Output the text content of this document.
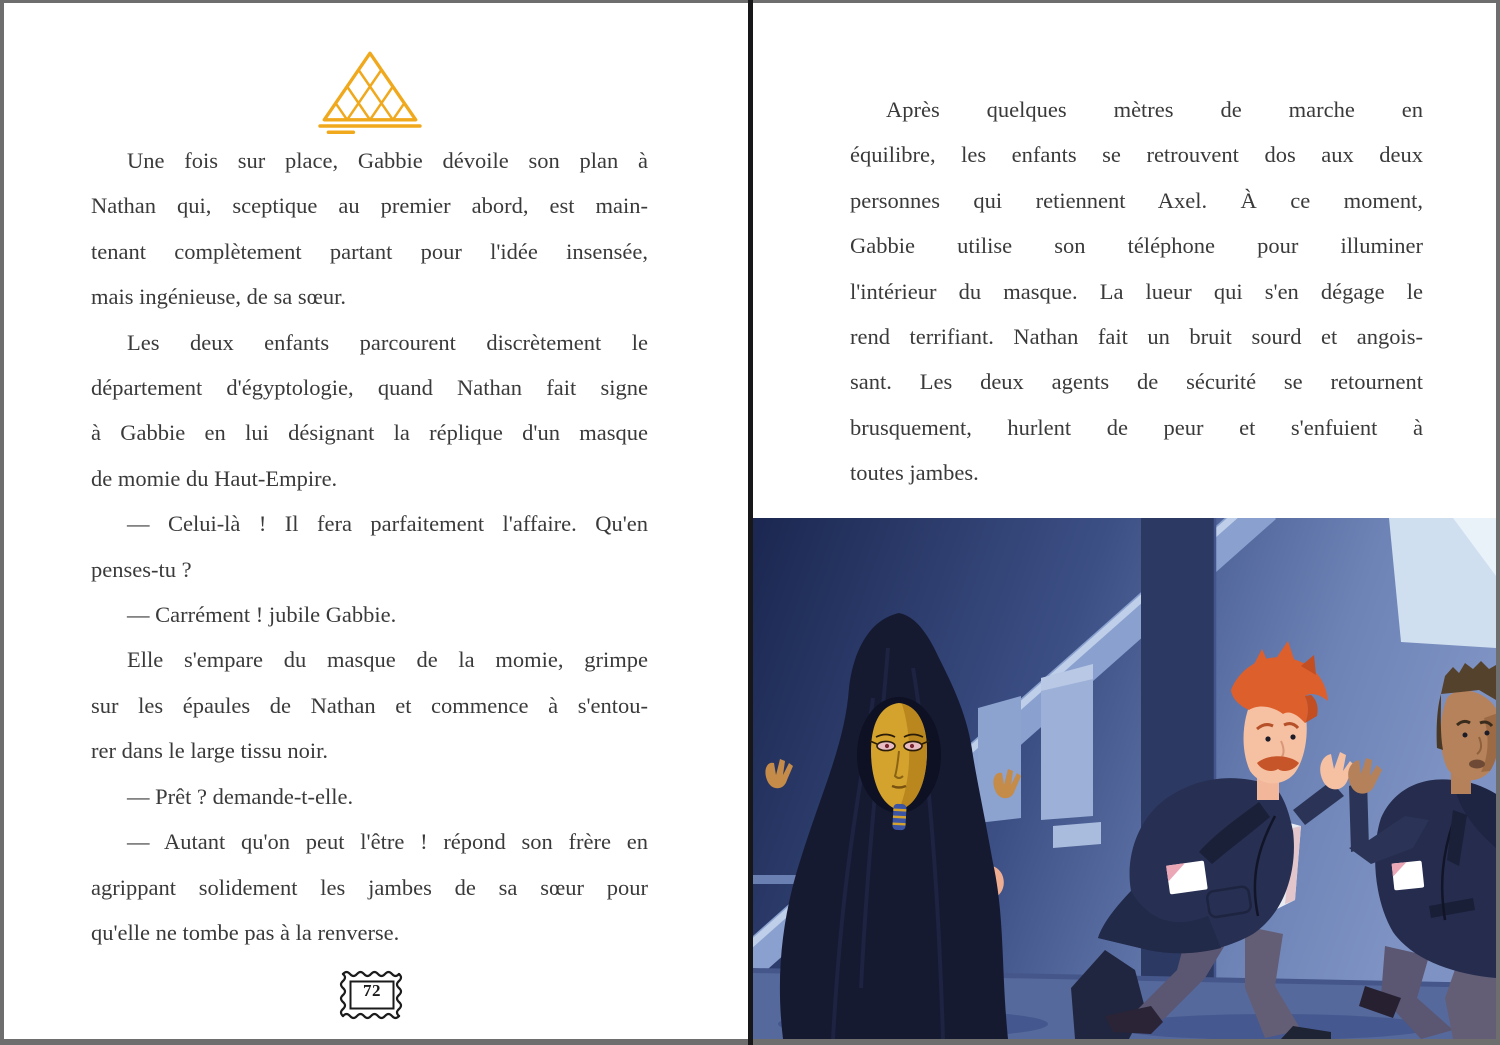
Une fois sur place, Gabbie dévoile son plan à
Nathan qui, sceptique au premier abord, est main-
tenant complètement partant pour l'idée insensée,
mais ingénieuse, de sa sœur.
Les deux enfants parcourent discrètement le
département d'égyptologie, quand Nathan fait signe
à Gabbie en lui désignant la réplique d'un masque
de momie du Haut-Empire.
— Celui-là ! Il fera parfaitement l'affaire. Qu'en
penses-tu ?
— Carrément ! jubile Gabbie.
Elle s'empare du masque de la momie, grimpe
sur les épaules de Nathan et commence à s'entou-
rer dans le large tissu noir.
— Prêt ? demande-t-elle.
— Autant qu'on peut l'être ! répond son frère en
agrippant solidement les jambes de sa sœur pour
qu'elle ne tombe pas à la renverse.
72
Après quelques mètres de marche en
équilibre, les enfants se retrouvent dos aux deux
personnes qui retiennent Axel. À ce moment,
Gabbie utilise son téléphone pour illuminer
l'intérieur du masque. La lueur qui s'en dégage le
rend terrifiant. Nathan fait un bruit sourd et angois-
sant. Les deux agents de sécurité se retournent
brusquement, hurlent de peur et s'enfuient à
toutes jambes.
